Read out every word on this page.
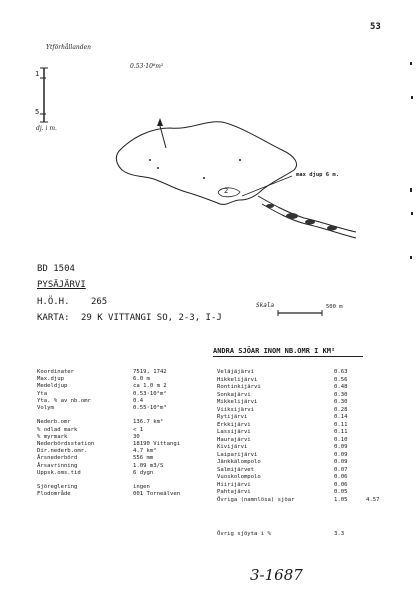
53
Ytförhållanden
0.53·10⁶m²
1
5
dj. i m.
max djup 6 m.
2
Skala	500 m
BD 1504
PYSÄJÄRVI
H.Ö.H. 265
KARTA: 29 K VITTANGI SO, 2-3, I-J
Koordinater	7519, 1742
Max.djup	6.0 m
Medeldjup	ca 1.0 m 2
Yta	0.53·10⁶m²
Yta. % av nb.omr	0.4
Volym	0.55·10⁶m³
Nederb.omr	136.7 km²
% odlad mark	< 1
% myrmark	30
Nederbördsstation	18190 Vittangi
Dir.nederb.omr.	4.7 km²
Årsnederbörd	556 mm
Årsavrinning	1.09 m3/S
Uppsk.oms.tid	6 dygn
Sjöreglering	ingen
Flodområde	001 Torneälven
ANDRA SJÖAR INOM NB.OMR I KM²
Veläjäjärvi	0.63
Hikkelijärvi	0.56
Rontinkijärvi	0.48
Sonkajärvi	0.30
Mikkelijärvi	0.30
Viiksijärvi	0.28
Rytijärvi	0.14
Erkkijärvi	0.11
Lassijärvi	0.11
Haurajärvi	0.10
Kivijärvi	0.09
Laiparijärvi	0.09
Jänkkälompolo	0.09
Salmijärvet	0.07
Vuoskolompolo	0.06
Hiirijärvi	0.06
Pahtajärvi	0.05
Övriga (namnlösa) sjöar	1.05	4.57
Övrig sjöyta i %	3.3
3-1687
